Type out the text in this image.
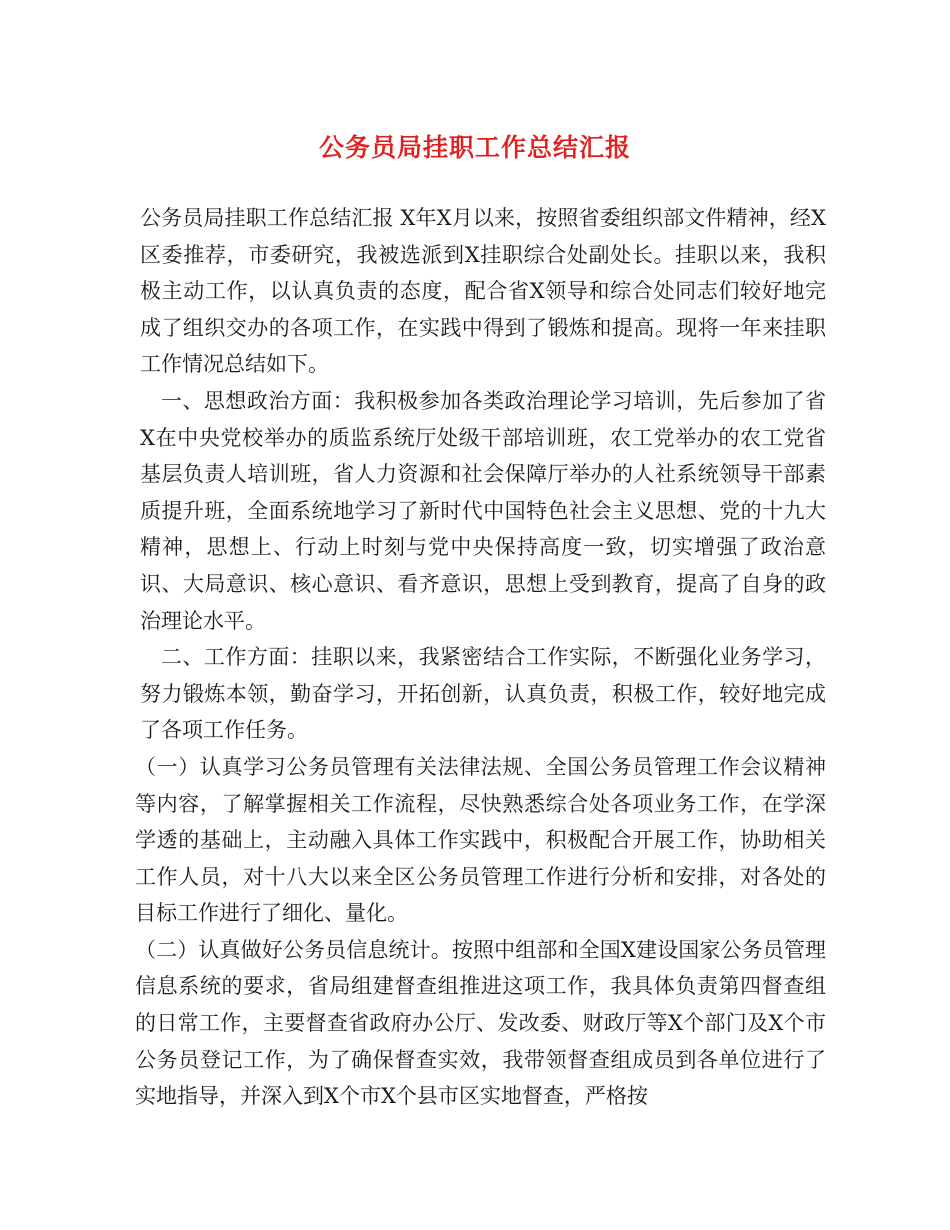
公务员局挂职工作总结汇报

公务员局挂职工作总结汇报 X年X月以来，按照省委组织部文件精神，经X区委推荐，市委研究，我被选派到X挂职综合处副处长。挂职以来，我积极主动工作，以认真负责的态度，配合省X领导和综合处同志们较好地完成了组织交办的各项工作，在实践中得到了锻炼和提高。现将一年来挂职工作情况总结如下。

一、思想政治方面：我积极参加各类政治理论学习培训，先后参加了省X在中央党校举办的质监系统厅处级干部培训班，农工党举办的农工党省基层负责人培训班，省人力资源和社会保障厅举办的人社系统领导干部素质提升班，全面系统地学习了新时代中国特色社会主义思想、党的十九大精神，思想上、行动上时刻与党中央保持高度一致，切实增强了政治意识、大局意识、核心意识、看齐意识，思想上受到教育，提高了自身的政治理论水平。

二、工作方面：挂职以来，我紧密结合工作实际，不断强化业务学习，努力锻炼本领，勤奋学习，开拓创新，认真负责，积极工作，较好地完成了各项工作任务。

（一）认真学习公务员管理有关法律法规、全国公务员管理工作会议精神等内容，了解掌握相关工作流程，尽快熟悉综合处各项业务工作，在学深学透的基础上，主动融入具体工作实践中，积极配合开展工作，协助相关工作人员，对十八大以来全区公务员管理工作进行分析和安排，对各处的目标工作进行了细化、量化。

（二）认真做好公务员信息统计。按照中组部和全国X建设国家公务员管理信息系统的要求，省局组建督查组推进这项工作，我具体负责第四督查组的日常工作，主要督查省政府办公厅、发改委、财政厅等X个部门及X个市公务员登记工作，为了确保督查实效，我带领督查组成员到各单位进行了实地指导，并深入到X个市X个县市区实地督查，严格按
